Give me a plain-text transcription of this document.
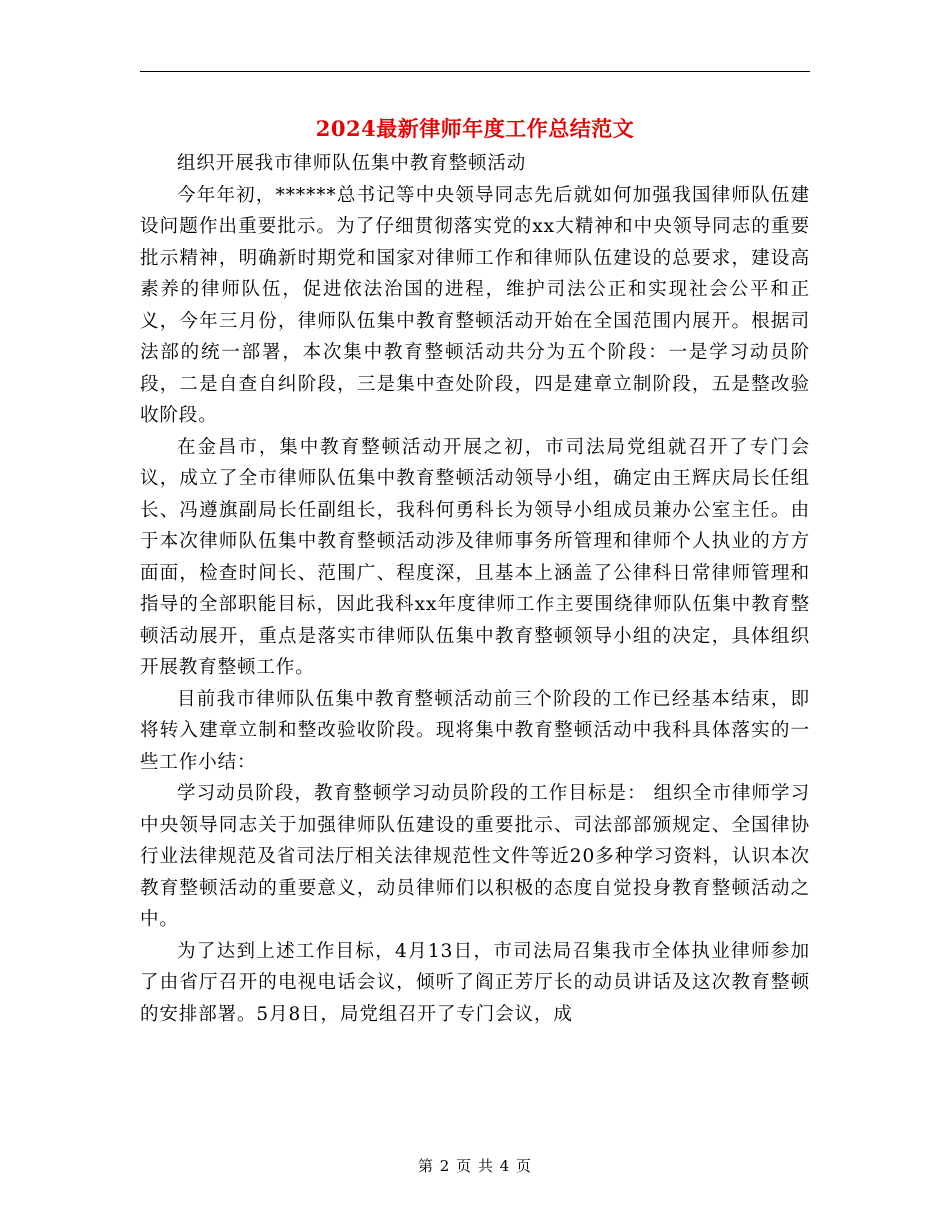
2024最新律师年度工作总结范文

组织开展我市律师队伍集中教育整顿活动

今年年初，******总书记等中央领导同志先后就如何加强我国律师队伍建设问题作出重要批示。为了仔细贯彻落实党的xx大精神和中央领导同志的重要批示精神，明确新时期党和国家对律师工作和律师队伍建设的总要求，建设高素养的律师队伍，促进依法治国的进程，维护司法公正和实现社会公平和正义，今年三月份，律师队伍集中教育整顿活动开始在全国范围内展开。根据司法部的统一部署，本次集中教育整顿活动共分为五个阶段：一是学习动员阶段，二是自查自纠阶段，三是集中查处阶段，四是建章立制阶段，五是整改验收阶段。

在金昌市，集中教育整顿活动开展之初，市司法局党组就召开了专门会议，成立了全市律师队伍集中教育整顿活动领导小组，确定由王辉庆局长任组长、冯遵旗副局长任副组长，我科何勇科长为领导小组成员兼办公室主任。由于本次律师队伍集中教育整顿活动涉及律师事务所管理和律师个人执业的方方面面，检查时间长、范围广、程度深，且基本上涵盖了公律科日常律师管理和指导的全部职能目标，因此我科xx年度律师工作主要围绕律师队伍集中教育整顿活动展开，重点是落实市律师队伍集中教育整顿领导小组的决定，具体组织开展教育整顿工作。

目前我市律师队伍集中教育整顿活动前三个阶段的工作已经基本结束，即将转入建章立制和整改验收阶段。现将集中教育整顿活动中我科具体落实的一些工作小结：

学习动员阶段，教育整顿学习动员阶段的工作目标是： 组织全市律师学习中央领导同志关于加强律师队伍建设的重要批示、司法部部颁规定、全国律协行业法律规范及省司法厅相关法律规范性文件等近20多种学习资料，认识本次教育整顿活动的重要意义，动员律师们以积极的态度自觉投身教育整顿活动之中。

为了达到上述工作目标，4月13日，市司法局召集我市全体执业律师参加了由省厅召开的电视电话会议，倾听了阎正芳厅长的动员讲话及这次教育整顿的安排部署。5月8日，局党组召开了专门会议，成

第 2 页 共 4 页
